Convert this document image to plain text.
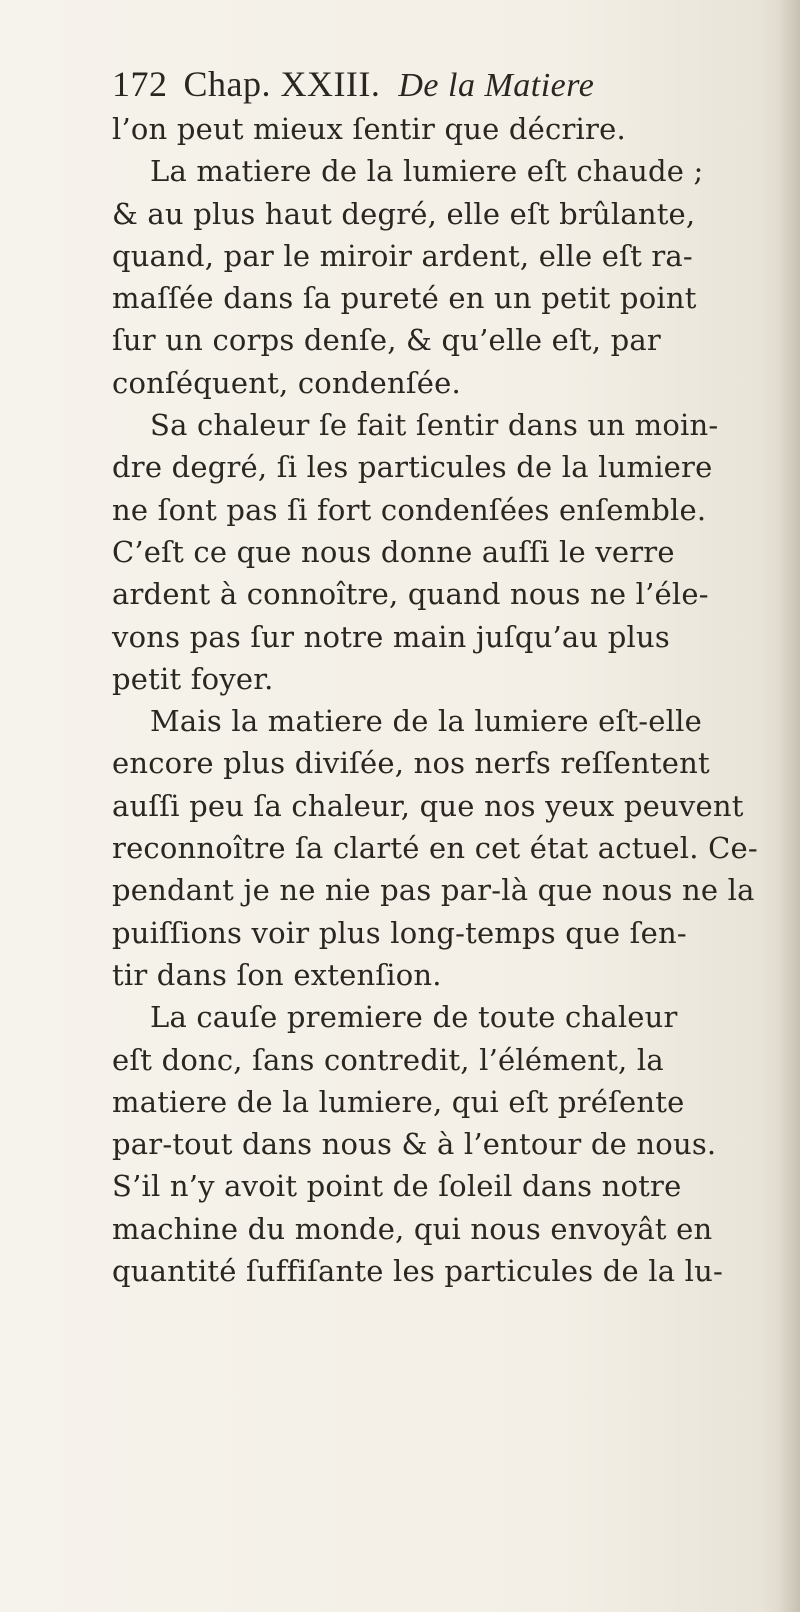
172 Chap. XXIII. De la Matiere
l’on peut mieux ſentir que décrire.
La matiere de la lumiere eſt chaude ;
& au plus haut degré, elle eſt brûlante,
quand, par le miroir ardent, elle eſt ra-
maſſée dans ſa pureté en un petit point
ſur un corps denſe, & qu’elle eſt, par
conſéquent, condenſée.
Sa chaleur ſe fait ſentir dans un moin-
dre degré, ſi les particules de la lumiere
ne ſont pas ſi fort condenſées enſemble.
C’eſt ce que nous donne auſſi le verre
ardent à connoître, quand nous ne l’éle-
vons pas ſur notre main juſqu’au plus
petit foyer.
Mais la matiere de la lumiere eſt-elle
encore plus diviſée, nos nerfs reſſentent
auſſi peu ſa chaleur, que nos yeux peuvent
reconnoître ſa clarté en cet état actuel. Ce-
pendant je ne nie pas par-là que nous ne la
puiſſions voir plus long-temps que ſen-
tir dans ſon extenſion.
La cauſe premiere de toute chaleur
eſt donc, ſans contredit, l’élément, la
matiere de la lumiere, qui eſt préſente
par-tout dans nous & à l’entour de nous.
S’il n’y avoit point de ſoleil dans notre
machine du monde, qui nous envoyât en
quantité ſuffiſante les particules de la lu-
